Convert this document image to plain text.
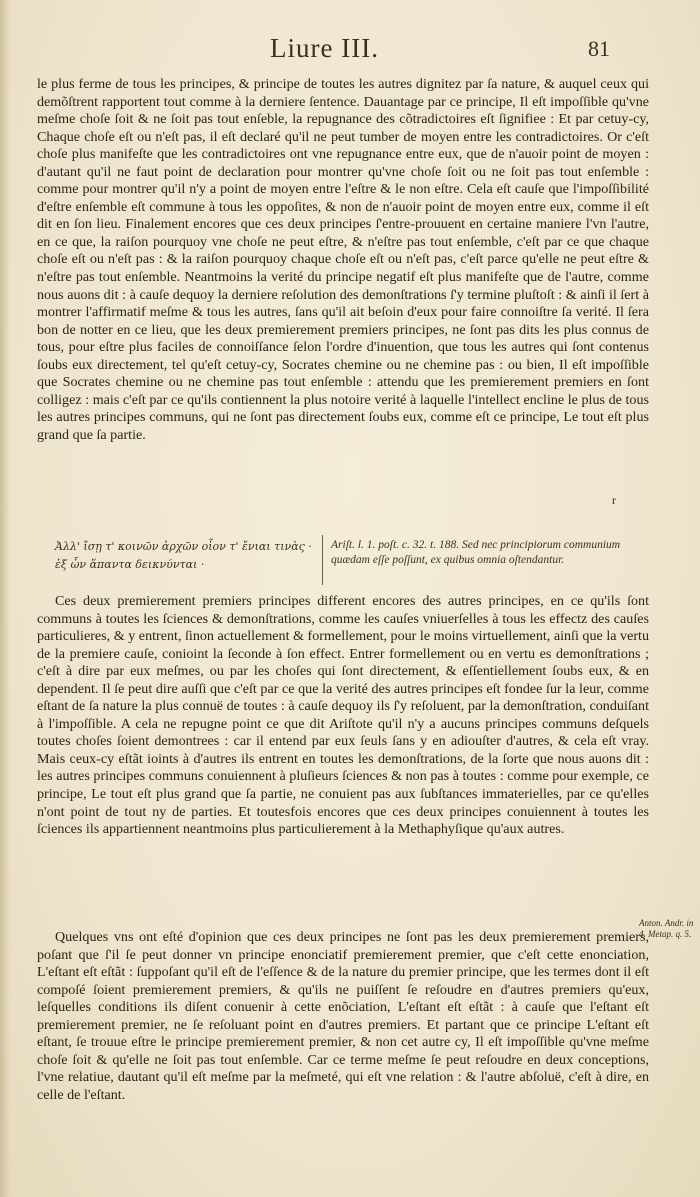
Liure III.	81
le plus ferme de tous les principes, & principe de toutes les autres dignitez par ſa nature, & auquel ceux qui demõſtrent rapportent tout comme à la derniere ſentence. Dauantage par ce principe, Il eſt impoſſible qu'vne meſme choſe ſoit & ne ſoit pas tout enſeble, la repugnance des cõtradictoires eſt ſignifiee : Et par cetuy-cy, Chaque choſe eſt ou n'eſt pas, il eſt declaré qu'il ne peut tumber de moyen entre les contradictoires. Or c'eſt choſe plus manifeſte que les contradictoires ont vne repugnance entre eux, que de n'auoir point de moyen : d'autant qu'il ne faut point de declaration pour montrer qu'vne choſe ſoit ou ne ſoit pas tout enſemble : comme pour montrer qu'il n'y a point de moyen entre l'eſtre & le non eſtre. Cela eſt cauſe que l'impoſſibilité d'eſtre enſemble eſt commune à tous les oppoſites, & non de n'auoir point de moyen entre eux, comme il eſt dit en ſon lieu. Finalement encores que ces deux principes ſ'entre-prouuent en certaine maniere l'vn l'autre, en ce que, la raiſon pourquoy vne choſe ne peut eſtre, & n'eſtre pas tout enſemble, c'eſt par ce que chaque choſe eſt ou n'eſt pas : & la raiſon pourquoy chaque choſe eſt ou n'eſt pas, c'eſt parce qu'elle ne peut eſtre & n'eſtre pas tout enſemble. Neantmoins la verité du principe negatif eſt plus manifeſte que de l'autre, comme nous auons dit : à cauſe dequoy la derniere reſolution des demonſtrations ſ'y termine pluſtoſt : & ainſi il ſert à montrer l'affirmatif meſme & tous les autres, ſans qu'il ait beſoin d'eux pour faire connoiſtre ſa verité. Il ſera bon de notter en ce lieu, que les deux premierement premiers principes, ne ſont pas dits les plus connus de tous, pour eſtre plus faciles de connoiſſance ſelon l'ordre d'inuention, que tous les autres qui ſont contenus ſoubs eux directement, tel qu'eſt cetuy-cy, Socrates chemine ou ne chemine pas : ou bien, Il eſt impoſſible que Socrates chemine ou ne chemine pas tout enſemble : attendu que les premierement premiers en ſont colligez : mais c'eſt par ce qu'ils contiennent la plus notoire verité à laquelle l'intellect encline le plus de tous les autres principes communs, qui ne ſont pas directement ſoubs eux, comme eſt ce principe, Le tout eſt plus grand que ſa partie.
r
Ἀλλ' ἴσῃ τ' κοινῶν ἀρχῶν οἷον τ' ἔνιαι τινὰς · ἐξ ὧν ἅπαντα δεικνύνται ·
Ariſt. l. 1. poſt. c. 32. t. 188. Sed nec principiorum communium quædam eſſe poſſunt, ex quibus omnia oſtendantur.
Ces deux premierement premiers principes different encores des autres principes, en ce qu'ils ſont communs à toutes les ſciences & demonſtrations, comme les cauſes vniuerſelles à tous les effectz des cauſes particulieres, & y entrent, ſinon actuellement & formellement, pour le moins virtuellement, ainſi que la vertu de la premiere cauſe, conioint la ſeconde à ſon effect. Entrer formellement ou en vertu es demonſtrations ; c'eſt à dire par eux meſmes, ou par les choſes qui ſont directement, & eſſentiellement ſoubs eux, & en dependent. Il ſe peut dire auſſi que c'eſt par ce que la verité des autres principes eſt fondee ſur la leur, comme eſtant de ſa nature la plus connuë de toutes : à cauſe dequoy ils ſ'y reſoluent, par la demonſtration, conduiſant à l'impoſſible. A cela ne repugne point ce que dit Ariſtote qu'il n'y a aucuns principes communs deſquels toutes choſes ſoient demontrees : car il entend par eux ſeuls ſans y en adiouſter d'autres, & cela eſt vray. Mais ceux-cy eſtãt ioints à d'autres ils entrent en toutes les demonſtrations, de la ſorte que nous auons dit : les autres principes communs conuiennent à pluſieurs ſciences & non pas à toutes : comme pour exemple, ce principe, Le tout eſt plus grand que ſa partie, ne conuient pas aux ſubſtances immaterielles, par ce qu'elles n'ont point de tout ny de parties. Et toutesfois encores que ces deux principes conuiennent à toutes les ſciences ils appartiennent neantmoins plus particulierement à la Methaphyſique qu'aux autres.
Quelques vns ont eſté d'opinion que ces deux principes ne ſont pas les deux premierement premiers, poſant que ſ'il ſe peut donner vn principe enonciatif premierement premier, que c'eſt cette enonciation, L'eſtant eſt eſtãt : ſuppoſant qu'il eſt de l'eſſence & de la nature du premier principe, que les termes dont il eſt compoſé ſoient premierement premiers, & qu'ils ne puiſſent ſe reſoudre en d'autres premiers qu'eux, leſquelles conditions ils diſent conuenir à cette enõciation, L'eſtant eſt eſtãt : à cauſe que l'eſtant eſt premierement premier, ne ſe reſoluant point en d'autres premiers. Et partant que ce principe L'eſtant eſt eſtant, ſe trouue eſtre le principe premierement premier, & non cet autre cy, Il eſt impoſſible qu'vne meſme choſe ſoit & qu'elle ne ſoit pas tout enſemble. Car ce terme meſme ſe peut reſoudre en deux conceptions, l'vne relatiue, dautant qu'il eſt meſme par la meſmeté, qui eſt vne relation : & l'autre abſoluë, c'eſt à dire, en celle de l'eſtant.
Anton. Andr. in 4. Metap. q. 5.
